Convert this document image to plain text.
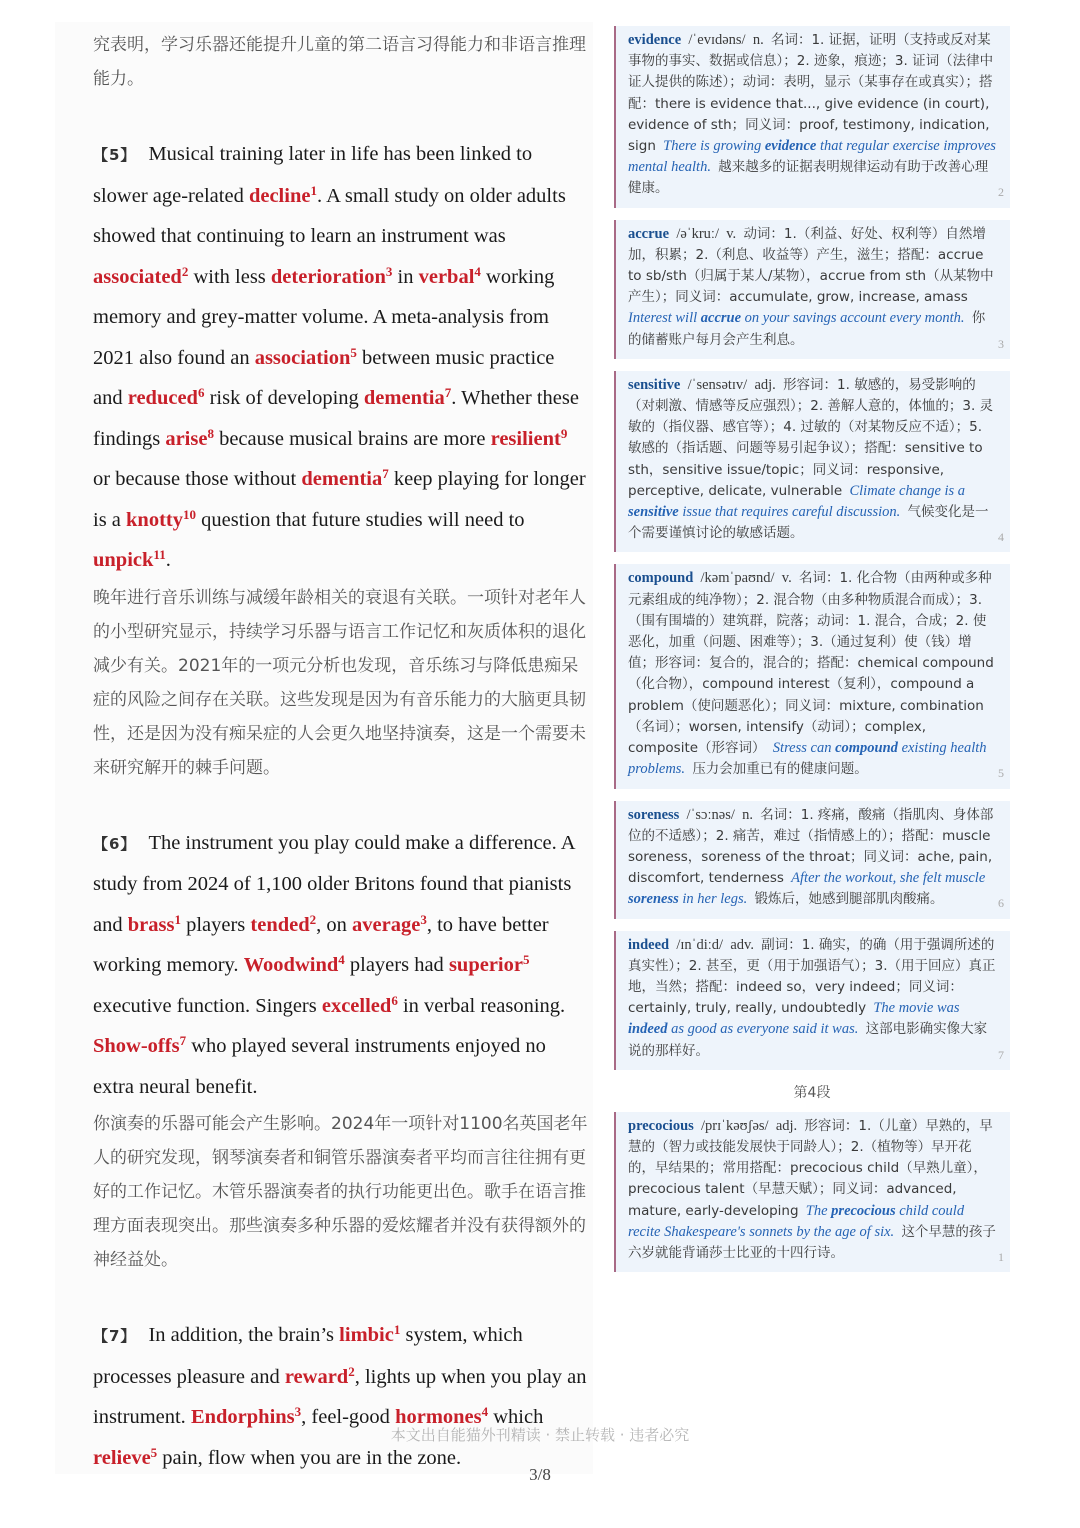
究表明，学习乐器还能提升儿童的第二语言习得能力和非语言推理能力。

【5】 Musical training later in life has been linked to slower age-related decline$^1$. A small study on older adults showed that continuing to learn an instrument was associated$^2$ with less deterioration$^3$ in verbal$^4$ working memory and grey-matter volume. A meta-analysis from 2021 also found an association$^5$ between music practice and reduced$^6$ risk of developing dementia$^7$. Whether these findings arise$^8$ because musical brains are more resilient$^9$ or because those without dementia$^7$ keep playing for longer is a knotty$^{10}$ question that future studies will need to unpick$^{11}$.

晚年进行音乐训练与减缓年龄相关的衰退有关联。一项针对老年人的小型研究显示，持续学习乐器与语言工作记忆和灰质体积的退化减少有关。2021年的一项元分析也发现，音乐练习与降低患痴呆症的风险之间存在关联。这些发现是因为有音乐能力的大脑更具韧性，还是因为没有痴呆症的人会更久地坚持演奏，这是一个需要未来研究解开的棘手问题。

【6】 The instrument you play could make a difference. A study from 2024 of 1,100 older Britons found that pianists and brass$^1$ players tended$^2$, on average$^3$, to have better working memory. Woodwind$^4$ players had superior$^5$ executive function. Singers excelled$^6$ in verbal reasoning. Show-offs$^7$ who played several instruments enjoyed no extra neural benefit.

你演奏的乐器可能会产生影响。2024年一项针对1100名英国老年人的研究发现，钢琴演奏者和铜管乐器演奏者平均而言往往拥有更好的工作记忆。木管乐器演奏者的执行功能更出色。歌手在语言推理方面表现突出。那些演奏多种乐器的爱炫耀者并没有获得额外的神经益处。

【7】 In addition, the brain’s limbic$^1$ system, which processes pleasure and reward$^2$, lights up when you play an instrument. Endorphins$^3$, feel-good hormones$^4$ which relieve$^5$ pain, flow when you are in the zone.

evidence /ˈevɪdəns/ n. 名词：1. 证据，证明（支持或反对某事物的事实、数据或信息）；2. 迹象，痕迹；3. 证词（法律中证人提供的陈述）；动词：表明，显示（某事存在或真实）；搭配：there is evidence that..., give evidence (in court), evidence of sth；同义词：proof, testimony, indication, sign There is growing evidence that regular exercise improves mental health. 越来越多的证据表明规律运动有助于改善心理健康。	2
accrue /əˈkruː/ v. 动词：1.（利益、好处、权利等）自然增加，积累；2.（利息、收益等）产生，滋生；搭配：accrue to sb/sth（归属于某人/某物），accrue from sth（从某物中产生）；同义词：accumulate, grow, increase, amass  Interest will accrue on your savings account every month. 你的储蓄账户每月会产生利息。	3
sensitive /ˈsensətɪv/ adj. 形容词：1. 敏感的，易受影响的（对刺激、情感等反应强烈）；2. 善解人意的，体恤的；3. 灵敏的（指仪器、感官等）；4. 过敏的（对某物反应不适）；5. 敏感的（指话题、问题等易引起争议）；搭配：sensitive to sth，sensitive issue/topic；同义词：responsive, perceptive, delicate, vulnerable Climate change is a sensitive issue that requires careful discussion. 气候变化是一个需要谨慎讨论的敏感话题。	4
compound /kəmˈpaʊnd/ v. 名词：1. 化合物（由两种或多种元素组成的纯净物）；2. 混合物（由多种物质混合而成）；3.（围有围墙的）建筑群，院落；动词：1. 混合，合成；2. 使恶化，加重（问题、困难等）；3.（通过复利）使（钱）增值；形容词：复合的，混合的；搭配：chemical compound（化合物），compound interest（复利），compound a problem（使问题恶化）；同义词：mixture, combination（名词）；worsen, intensify（动词）；complex, composite（形容词） Stress can compound existing health problems. 压力会加重已有的健康问题。	5
soreness /ˈsɔːnəs/ n. 名词：1. 疼痛，酸痛（指肌肉、身体部位的不适感）；2. 痛苦，难过（指情感上的）；搭配：muscle soreness，soreness of the throat；同义词：ache, pain, discomfort, tenderness After the workout, she felt muscle soreness in her legs. 锻炼后，她感到腿部肌肉酸痛。	6
indeed /ɪnˈdiːd/ adv. 副词：1. 确实，的确（用于强调所述的真实性）；2. 甚至，更（用于加强语气）；3.（用于回应）真正地，当然；搭配：indeed so，very indeed；同义词：certainly, truly, really, undoubtedly The movie was indeed as good as everyone said it was. 这部电影确实像大家说的那样好。	7
第4段
precocious /prɪˈkəʊʃəs/ adj. 形容词：1.（儿童）早熟的，早慧的（智力或技能发展快于同龄人）；2.（植物等）早开花的，早结果的；常用搭配：precocious child（早熟儿童），precocious talent（早慧天赋）；同义词：advanced, mature, early-developing The precocious child could recite Shakespeare's sonnets by the age of six. 这个早慧的孩子六岁就能背诵莎士比亚的十四行诗。	1
本文出自能猫外刊精读 · 禁止转载 · 违者必究
3/8
